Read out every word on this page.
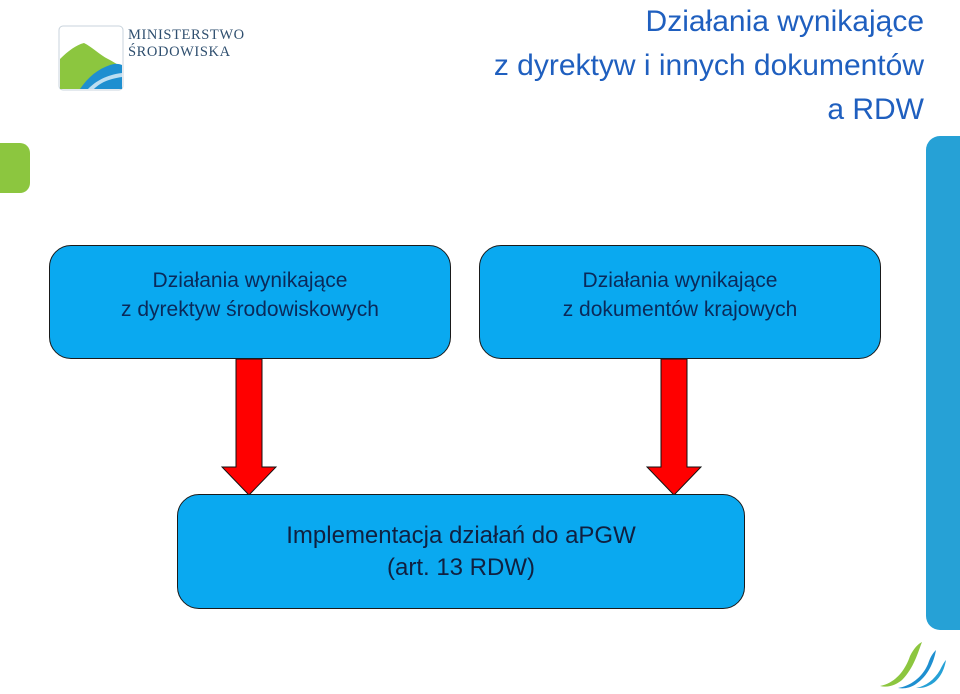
MINISTERSTWO
ŚRODOWISKA
Działania wynikające
z dyrektyw i innych dokumentów
a RDW
Działania wynikające
z dyrektyw środowiskowych
Działania wynikające
z dokumentów krajowych
Implementacja działań do aPGW
(art. 13 RDW)
